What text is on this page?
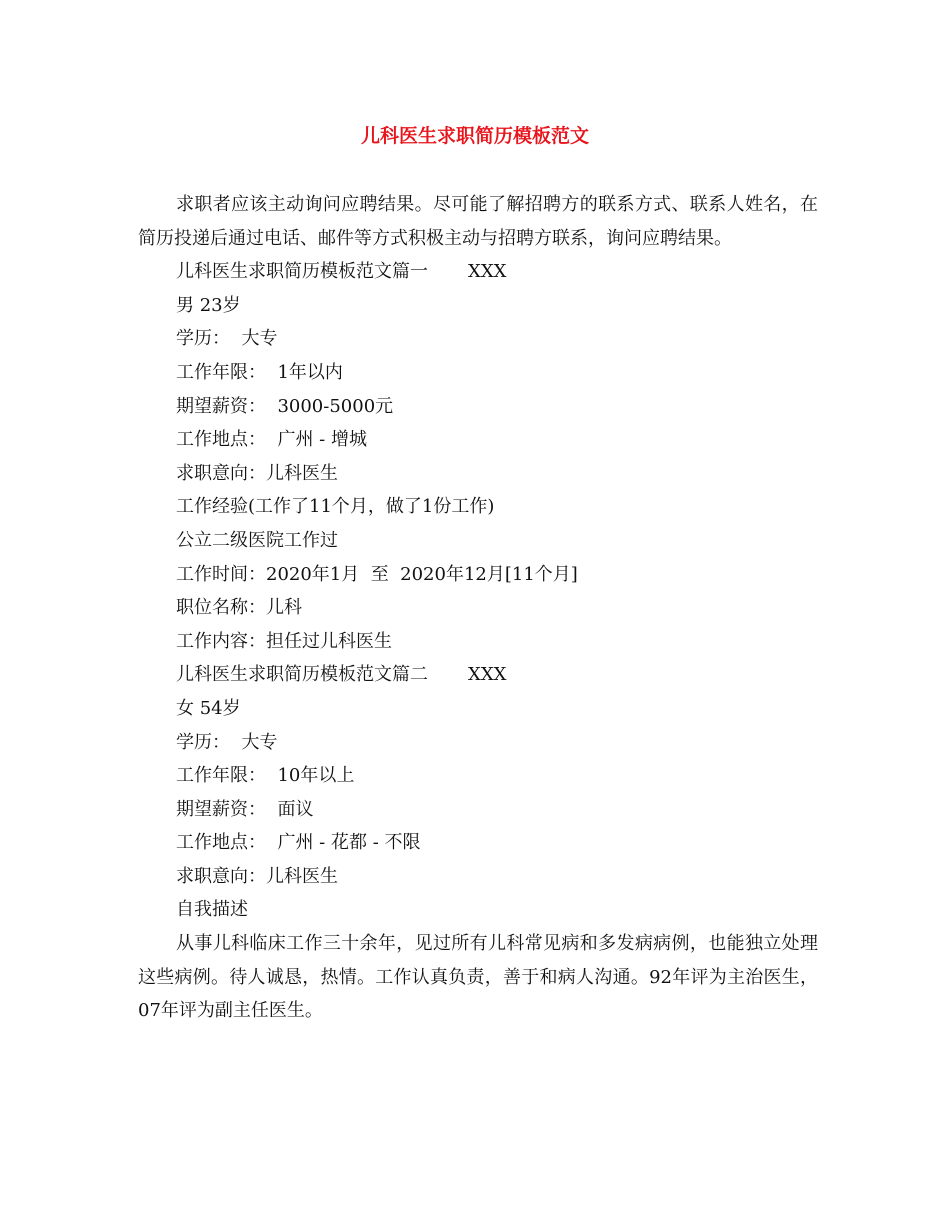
儿科医生求职简历模板范文

求职者应该主动询问应聘结果。尽可能了解招聘方的联系方式、联系人姓名，在简历投递后通过电话、邮件等方式积极主动与招聘方联系，询问应聘结果。

儿科医生求职简历模板范文篇一       XXX

男 23岁

学历：  大专

工作年限：  1年以内

期望薪资：  3000-5000元

工作地点：  广州 - 增城

求职意向：儿科医生

工作经验(工作了11个月，做了1份工作)

公立二级医院工作过

工作时间：2020年1月  至  2020年12月[11个月]

职位名称：儿科

工作内容：担任过儿科医生

儿科医生求职简历模板范文篇二       XXX

女 54岁

学历：  大专

工作年限：  10年以上

期望薪资：  面议

工作地点：  广州 - 花都 - 不限

求职意向：儿科医生

自我描述

从事儿科临床工作三十余年，见过所有儿科常见病和多发病病例，也能独立处理这些病例。待人诚恳，热情。工作认真负责，善于和病人沟通。92年评为主治医生，07年评为副主任医生。
